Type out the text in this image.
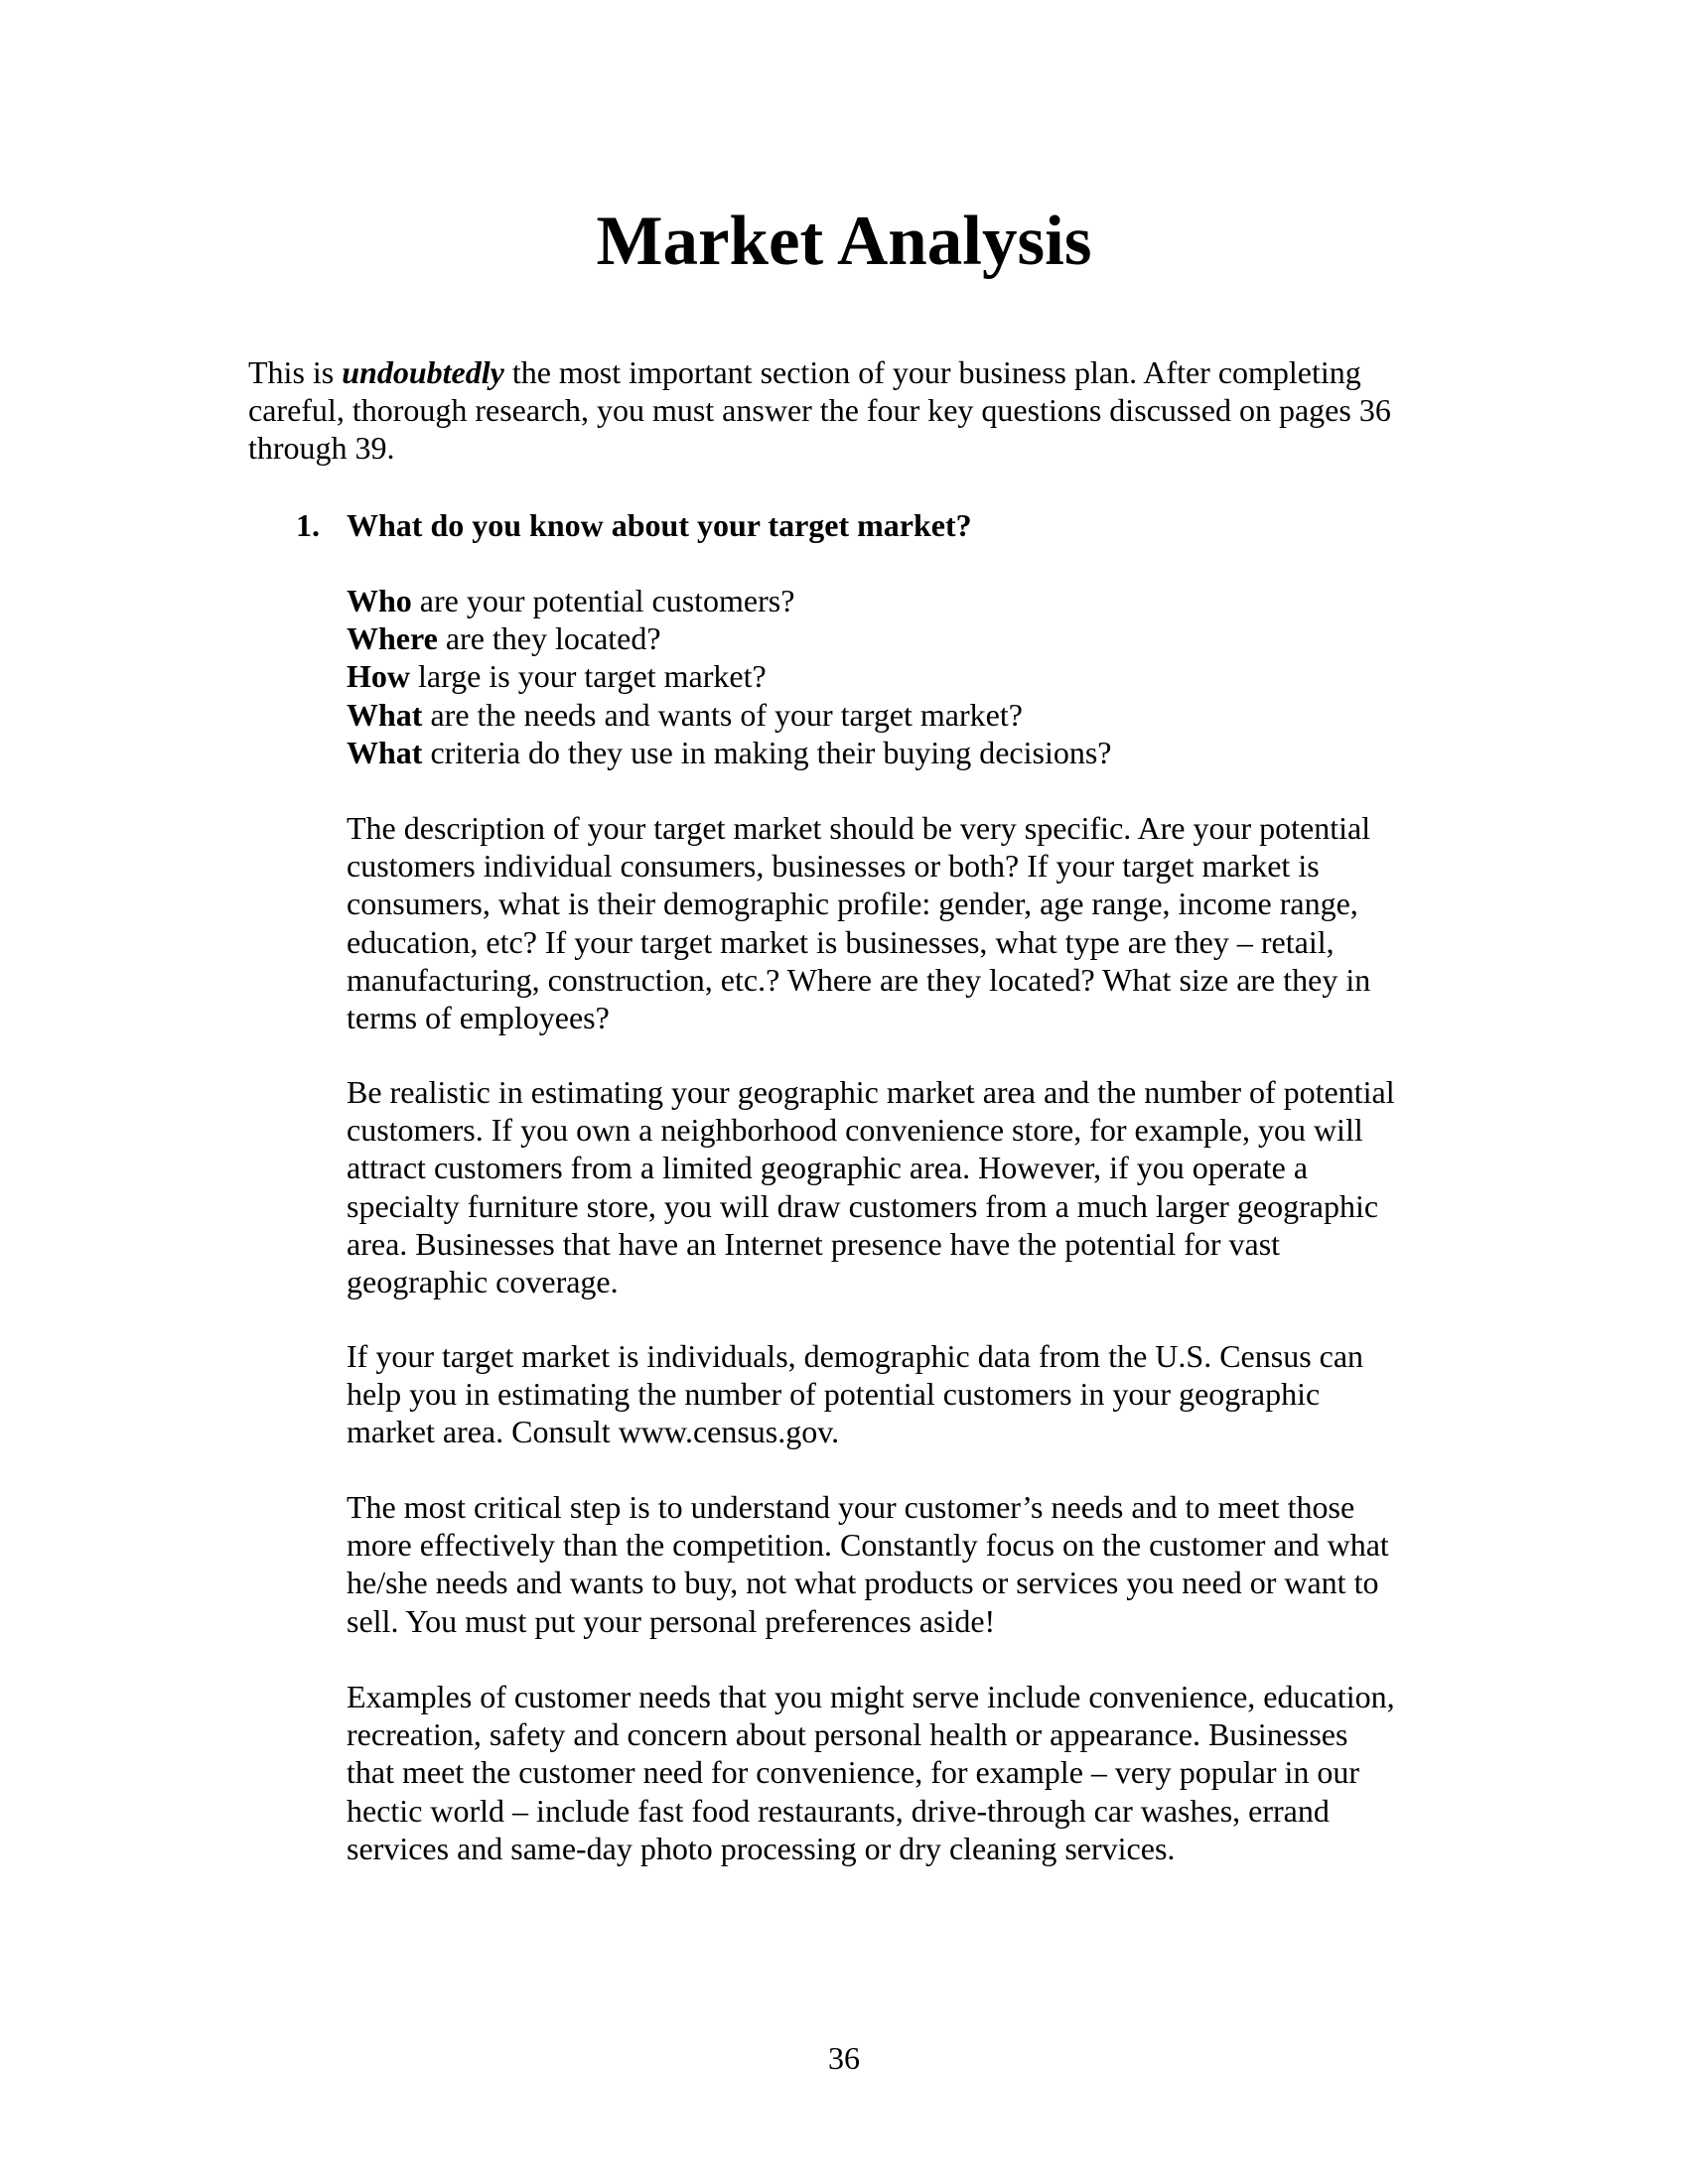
Market Analysis

This is undoubtedly the most important section of your business plan. After completing
careful, thorough research, you must answer the four key questions discussed on pages 36
through 39.

1. What do you know about your target market?

Who are your potential customers?
Where are they located?
How large is your target market?
What are the needs and wants of your target market?
What criteria do they use in making their buying decisions?

The description of your target market should be very specific. Are your potential
customers individual consumers, businesses or both? If your target market is
consumers, what is their demographic profile: gender, age range, income range,
education, etc? If your target market is businesses, what type are they – retail,
manufacturing, construction, etc.? Where are they located? What size are they in
terms of employees?

Be realistic in estimating your geographic market area and the number of potential
customers. If you own a neighborhood convenience store, for example, you will
attract customers from a limited geographic area. However, if you operate a
specialty furniture store, you will draw customers from a much larger geographic
area. Businesses that have an Internet presence have the potential for vast
geographic coverage.

If your target market is individuals, demographic data from the U.S. Census can
help you in estimating the number of potential customers in your geographic
market area. Consult www.census.gov.

The most critical step is to understand your customer’s needs and to meet those
more effectively than the competition. Constantly focus on the customer and what
he/she needs and wants to buy, not what products or services you need or want to
sell. You must put your personal preferences aside!

Examples of customer needs that you might serve include convenience, education,
recreation, safety and concern about personal health or appearance. Businesses
that meet the customer need for convenience, for example – very popular in our
hectic world – include fast food restaurants, drive-through car washes, errand
services and same-day photo processing or dry cleaning services.

36
